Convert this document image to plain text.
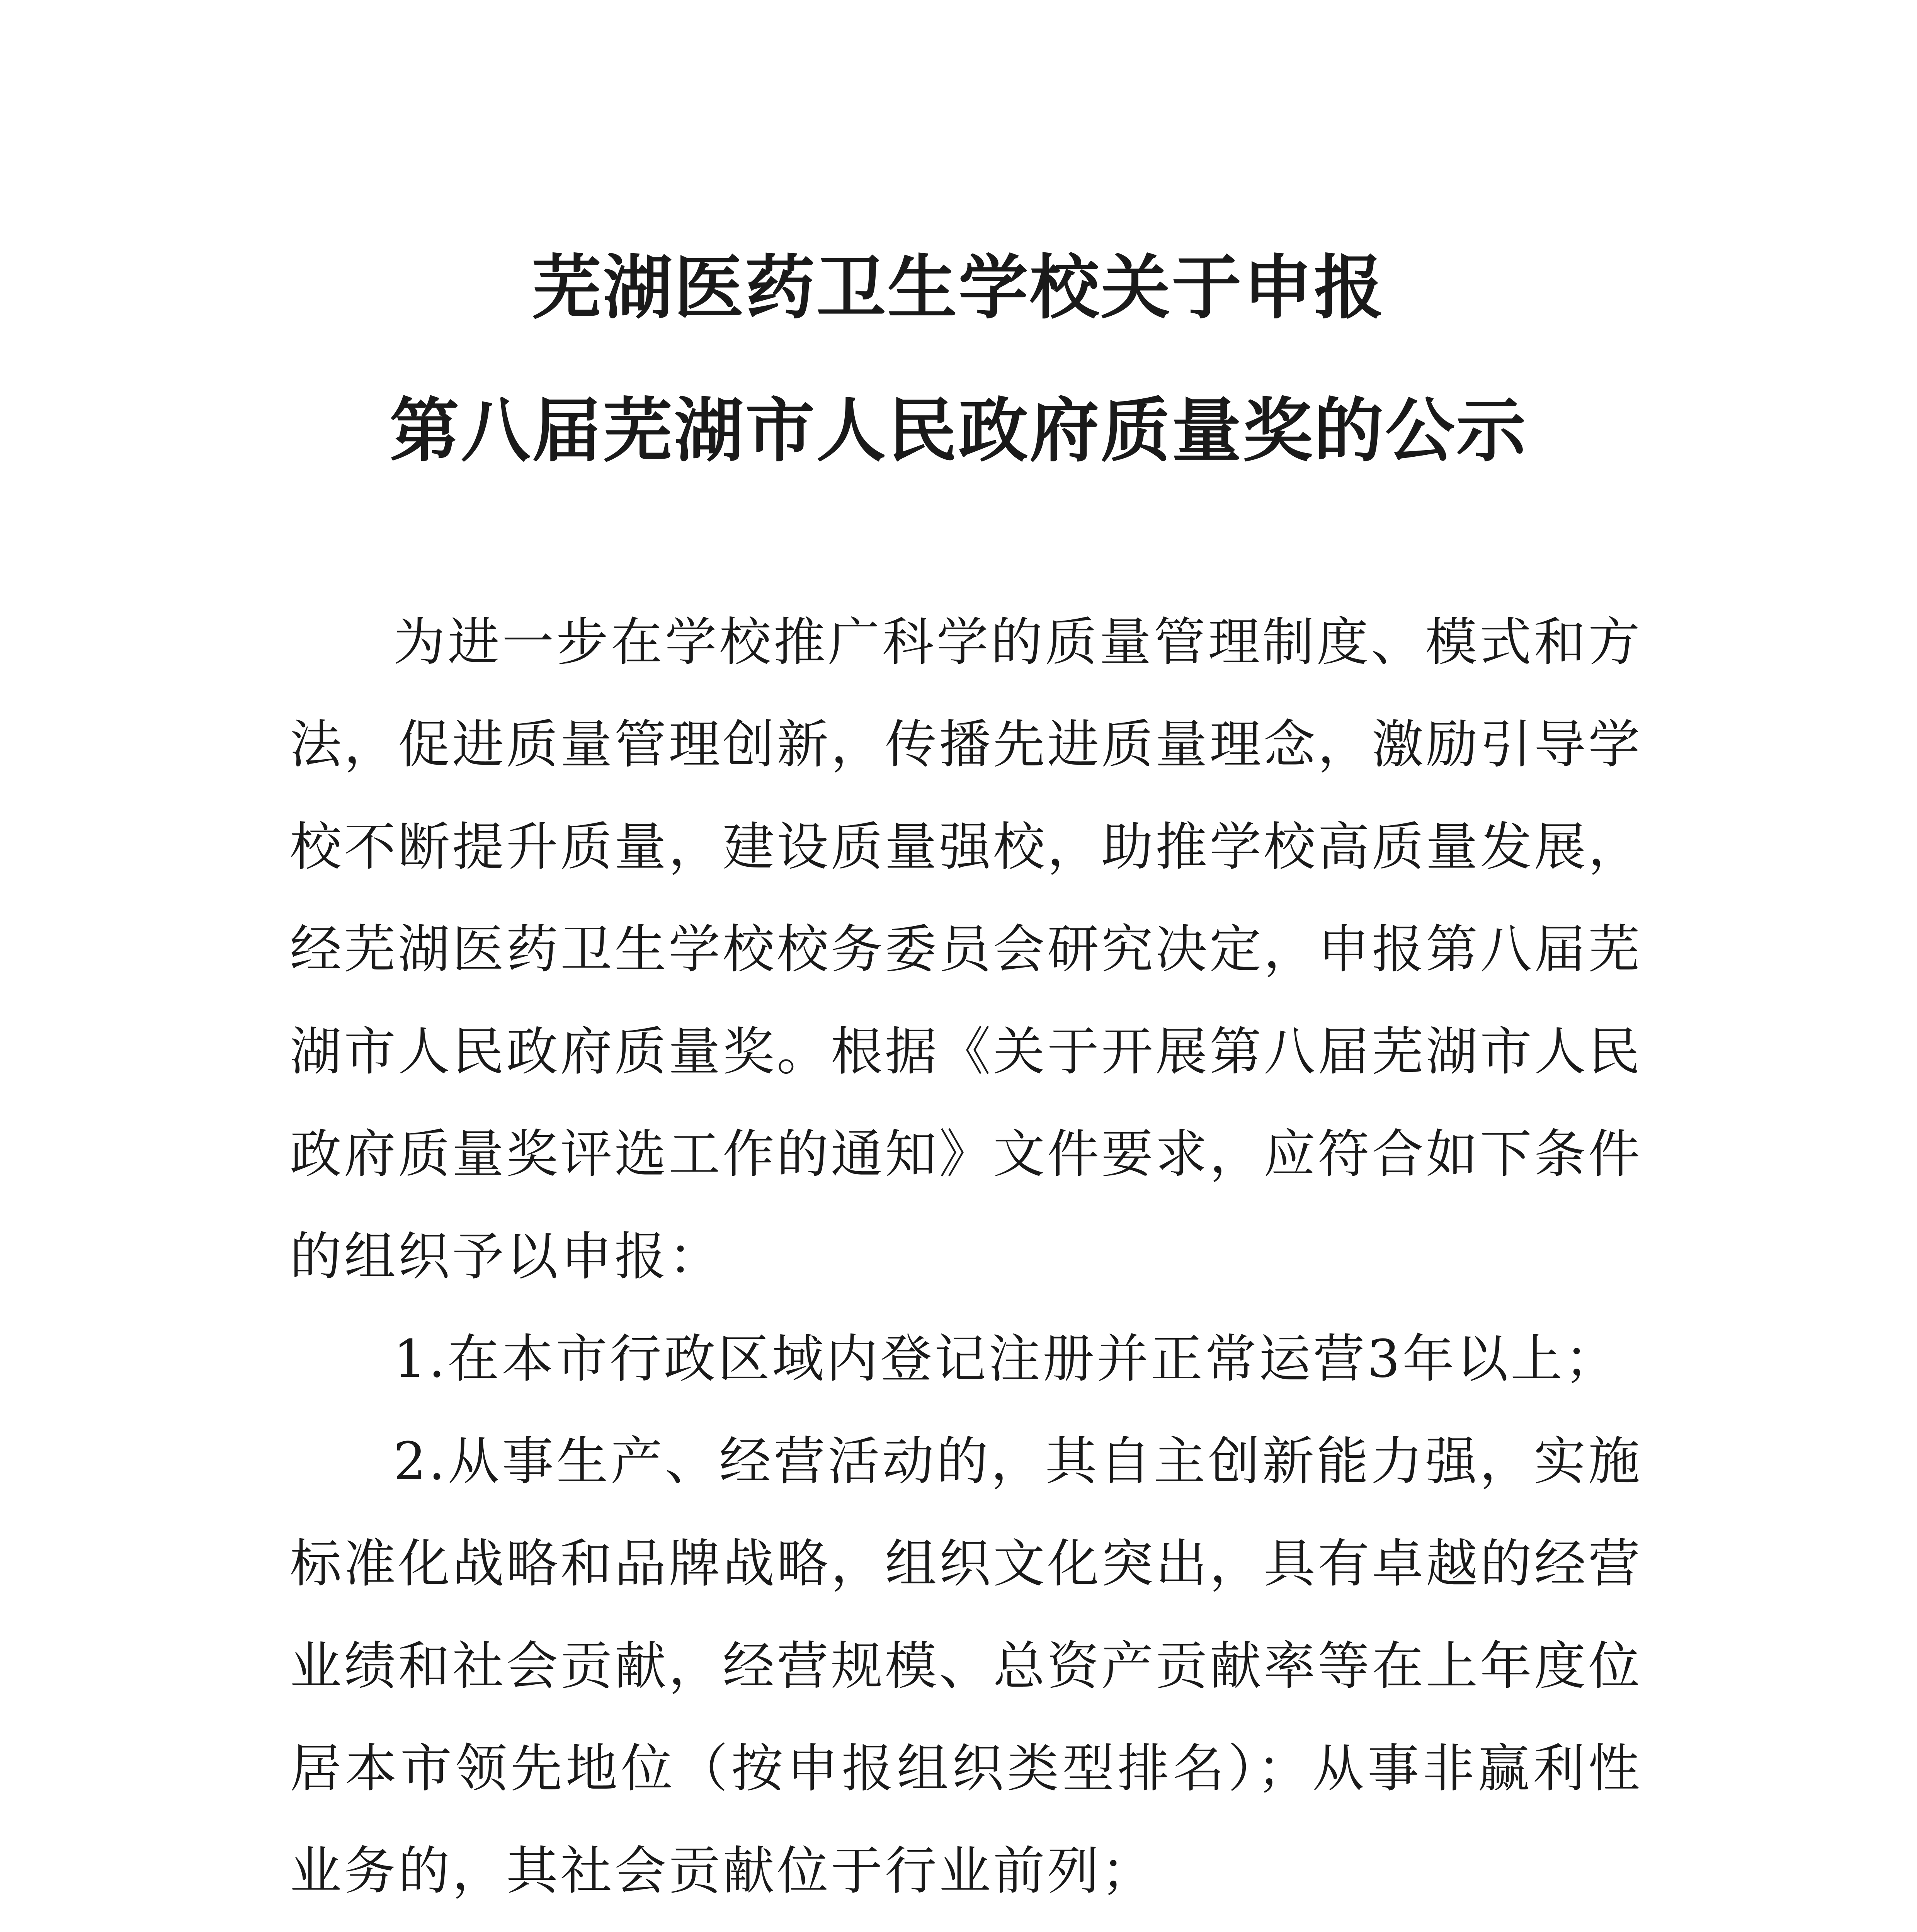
芜湖医药卫生学校关于申报
第八届芜湖市人民政府质量奖的公示

为进一步在学校推广科学的质量管理制度、模式和方法，促进质量管理创新，传播先进质量理念，激励引导学校不断提升质量，建设质量强校，助推学校高质量发展，经芜湖医药卫生学校校务委员会研究决定，申报第八届芜湖市人民政府质量奖。根据《关于开展第八届芜湖市人民政府质量奖评选工作的通知》文件要求，应符合如下条件的组织予以申报：

1.在本市行政区域内登记注册并正常运营3年以上；

2.从事生产、经营活动的，其自主创新能力强，实施标准化战略和品牌战略，组织文化突出，具有卓越的经营业绩和社会贡献，经营规模、总资产贡献率等在上年度位居本市领先地位（按申报组织类型排名）；从事非赢利性业务的，其社会贡献位于行业前列；
